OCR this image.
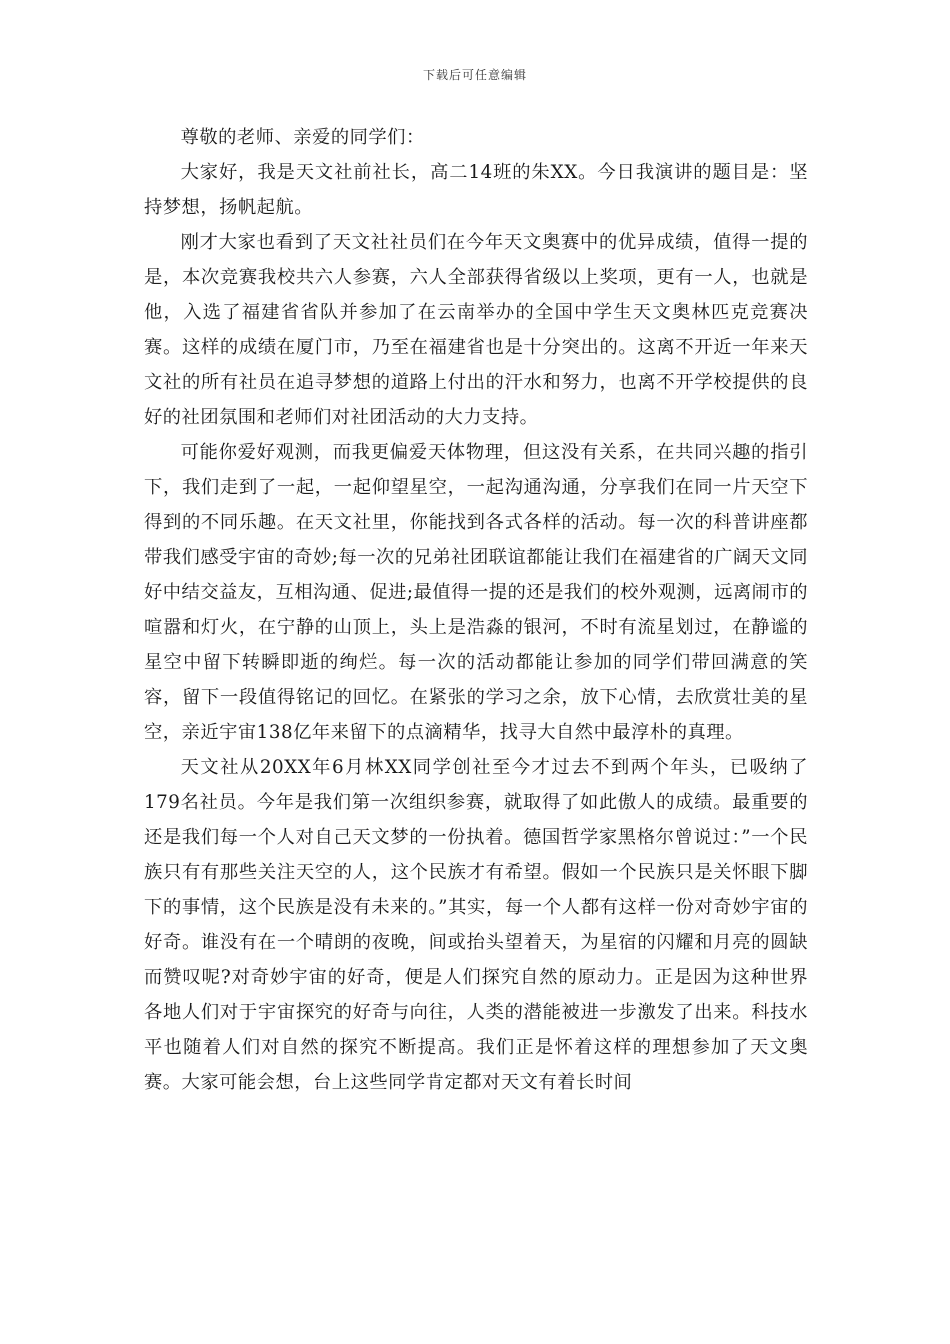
下载后可任意编辑

尊敬的老师、亲爱的同学们：

大家好，我是天文社前社长，高二14班的朱XX。今日我演讲的题目是：坚持梦想，扬帆起航。

刚才大家也看到了天文社社员们在今年天文奥赛中的优异成绩，值得一提的是，本次竞赛我校共六人参赛，六人全部获得省级以上奖项，更有一人，也就是他，入选了福建省省队并参加了在云南举办的全国中学生天文奥林匹克竞赛决赛。这样的成绩在厦门市，乃至在福建省也是十分突出的。这离不开近一年来天文社的所有社员在追寻梦想的道路上付出的汗水和努力，也离不开学校提供的良好的社团氛围和老师们对社团活动的大力支持。

可能你爱好观测，而我更偏爱天体物理，但这没有关系，在共同兴趣的指引下，我们走到了一起，一起仰望星空，一起沟通沟通，分享我们在同一片天空下得到的不同乐趣。在天文社里，你能找到各式各样的活动。每一次的科普讲座都带我们感受宇宙的奇妙;每一次的兄弟社团联谊都能让我们在福建省的广阔天文同好中结交益友，互相沟通、促进;最值得一提的还是我们的校外观测，远离闹市的喧嚣和灯火，在宁静的山顶上，头上是浩淼的银河，不时有流星划过，在静谧的星空中留下转瞬即逝的绚烂。每一次的活动都能让参加的同学们带回满意的笑容，留下一段值得铭记的回忆。在紧张的学习之余，放下心情，去欣赏壮美的星空，亲近宇宙138亿年来留下的点滴精华，找寻大自然中最淳朴的真理。

天文社从20XX年6月林XX同学创社至今才过去不到两个年头，已吸纳了179名社员。今年是我们第一次组织参赛，就取得了如此傲人的成绩。最重要的还是我们每一个人对自己天文梦的一份执着。德国哲学家黑格尔曾说过：”一个民族只有有那些关注天空的人，这个民族才有希望。假如一个民族只是关怀眼下脚下的事情，这个民族是没有未来的。”其实，每一个人都有这样一份对奇妙宇宙的好奇。谁没有在一个晴朗的夜晚，间或抬头望着天，为星宿的闪耀和月亮的圆缺而赞叹呢?对奇妙宇宙的好奇，便是人们探究自然的原动力。正是因为这种世界各地人们对于宇宙探究的好奇与向往，人类的潜能被进一步激发了出来。科技水平也随着人们对自然的探究不断提高。我们正是怀着这样的理想参加了天文奥赛。大家可能会想，台上这些同学肯定都对天文有着长时间
